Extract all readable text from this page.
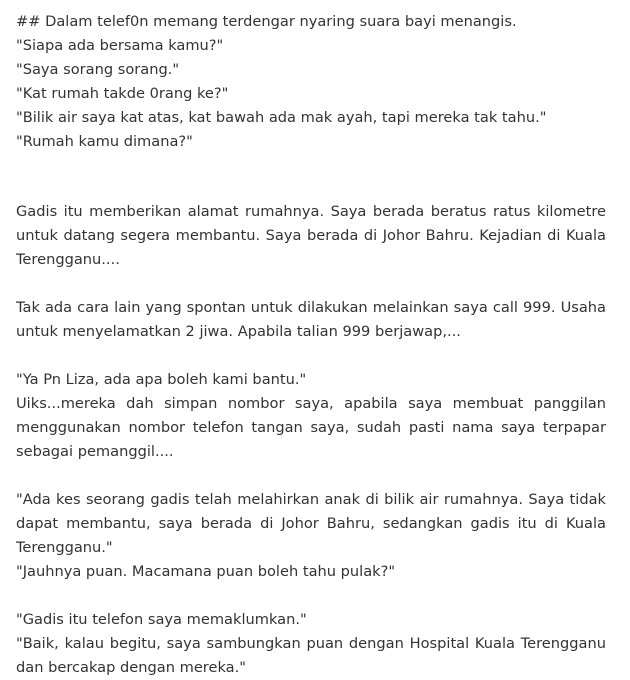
## Dalam telef0n memang terdengar nyaring suara bayi menangis.
"Siapa ada bersama kamu?"
"Saya sorang sorang."
"Kat rumah takde 0rang ke?"
"Bilik air saya kat atas, kat bawah ada mak ayah, tapi mereka tak tahu."
"Rumah kamu dimana?"

Gadis itu memberikan alamat rumahnya. Saya berada beratus ratus kilometre untuk datang segera membantu. Saya berada di Johor Bahru. Kejadian di Kuala Terengganu....

Tak ada cara lain yang spontan untuk dilakukan melainkan saya call 999. Usaha untuk menyelamatkan 2 jiwa. Apabila talian 999 berjawap,...

"Ya Pn Liza, ada apa boleh kami bantu."

Uiks...mereka dah simpan nombor saya, apabila saya membuat panggilan menggunakan nombor telefon tangan saya, sudah pasti nama saya terpapar sebagai pemanggil....

"Ada kes seorang gadis telah melahirkan anak di bilik air rumahnya. Saya tidak dapat membantu, saya berada di Johor Bahru, sedangkan gadis itu di Kuala Terengganu."

"Jauhnya puan. Macamana puan boleh tahu pulak?"

"Gadis itu telefon saya memaklumkan."

"Baik, kalau begitu, saya sambungkan puan dengan Hospital Kuala Terengganu dan bercakap dengan mereka."
